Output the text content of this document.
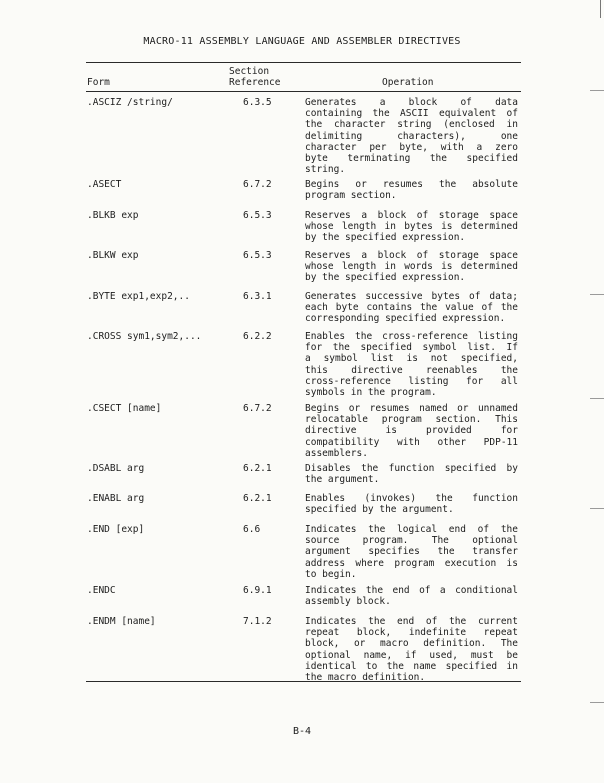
MACRO-11 ASSEMBLY LANGUAGE AND ASSEMBLER DIRECTIVES
Section
Form	Reference	Operation
.ASCIZ /string/	6.3.5	Generates a block of data
containing the ASCII equivalent of
the character string (enclosed in
delimiting characters), one
character per byte, with a zero
byte terminating the specified
string.
.ASECT	6.7.2	Begins or resumes the absolute
program section.
.BLKB exp	6.5.3	Reserves a block of storage space
whose length in bytes is determined
by the specified expression.
.BLKW exp	6.5.3	Reserves a block of storage space
whose length in words is determined
by the specified expression.
.BYTE exp1,exp2,..	6.3.1	Generates successive bytes of data;
each byte contains the value of the
corresponding specified expression.
.CROSS sym1,sym2,...	6.2.2	Enables the cross-reference listing
for the specified symbol list. If
a symbol list is not specified,
this directive reenables the
cross-reference listing for all
symbols in the program.
.CSECT [name]	6.7.2	Begins or resumes named or unnamed
relocatable program section. This
directive is provided for
compatibility with other PDP-11
assemblers.
.DSABL arg	6.2.1	Disables the function specified by
the argument.
.ENABL arg	6.2.1	Enables (invokes) the function
specified by the argument.
.END [exp]	6.6	Indicates the logical end of the
source program. The optional
argument specifies the transfer
address where program execution is
to begin.
.ENDC	6.9.1	Indicates the end of a conditional
assembly block.
.ENDM [name]	7.1.2	Indicates the end of the current
repeat block, indefinite repeat
block, or macro definition. The
optional name, if used, must be
identical to the name specified in
the macro definition.
B-4
